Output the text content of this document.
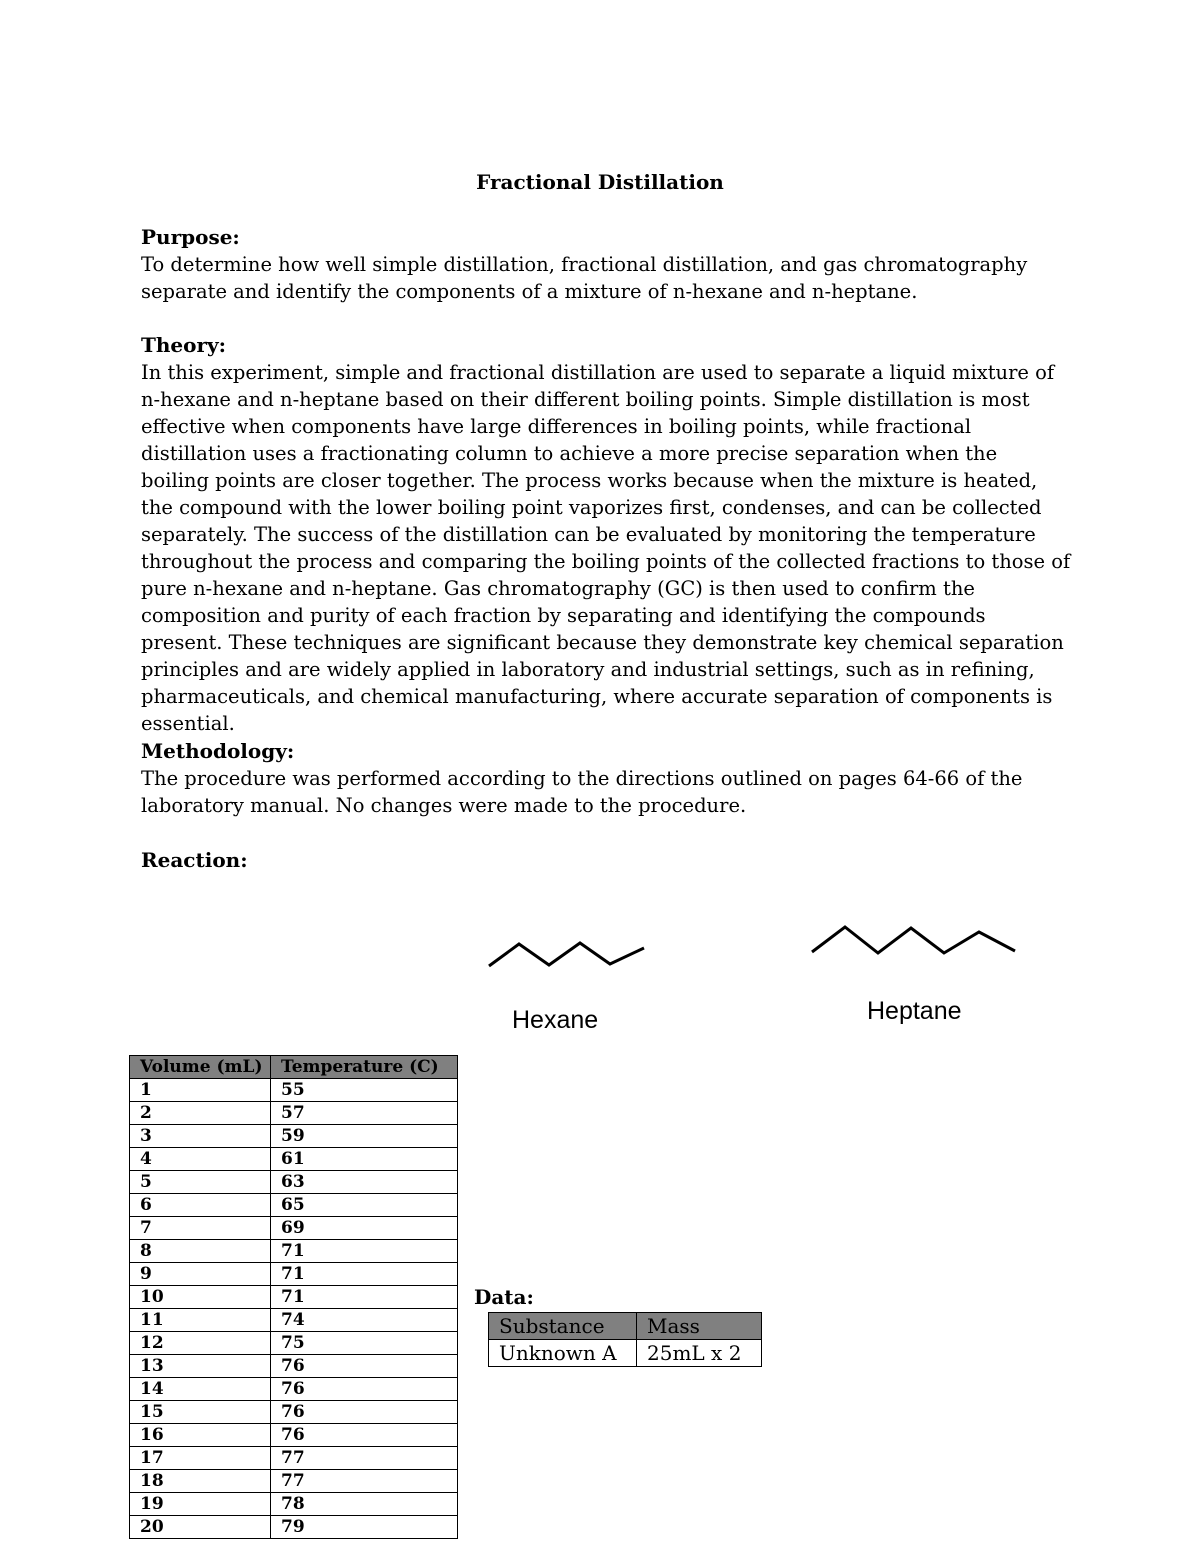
Fractional Distillation
Purpose:

To determine how well simple distillation, fractional distillation, and gas chromatography separate and identify the components of a mixture of n-hexane and n-heptane.

Theory:

In this experiment, simple and fractional distillation are used to separate a liquid mixture of n-hexane and n-heptane based on their different boiling points. Simple distillation is most effective when components have large differences in boiling points, while fractional distillation uses a fractionating column to achieve a more precise separation when the boiling points are closer together. The process works because when the mixture is heated, the compound with the lower boiling point vaporizes first, condenses, and can be collected separately. The success of the distillation can be evaluated by monitoring the temperature throughout the process and comparing the boiling points of the collected fractions to those of pure n-hexane and n-heptane. Gas chromatography (GC) is then used to confirm the composition and purity of each fraction by separating and identifying the compounds present. These techniques are significant because they demonstrate key chemical separation principles and are widely applied in laboratory and industrial settings, such as in refining, pharmaceuticals, and chemical manufacturing, where accurate separation of components is essential.

Methodology:

The procedure was performed according to the directions outlined on pages 64-66 of the laboratory manual. No changes were made to the procedure.

Reaction:
Hexane	Heptane
Volume (mL)	Temperature (C)
1	55
2	57
3	59
4	61
5	63
6	65
7	69
8	71
9	71
10	71
11	74
12	75
13	76
14	76
15	76
16	76
17	77
18	77
19	78
20	79
Data:
Substance	Mass
Unknown A	25mL x 2
